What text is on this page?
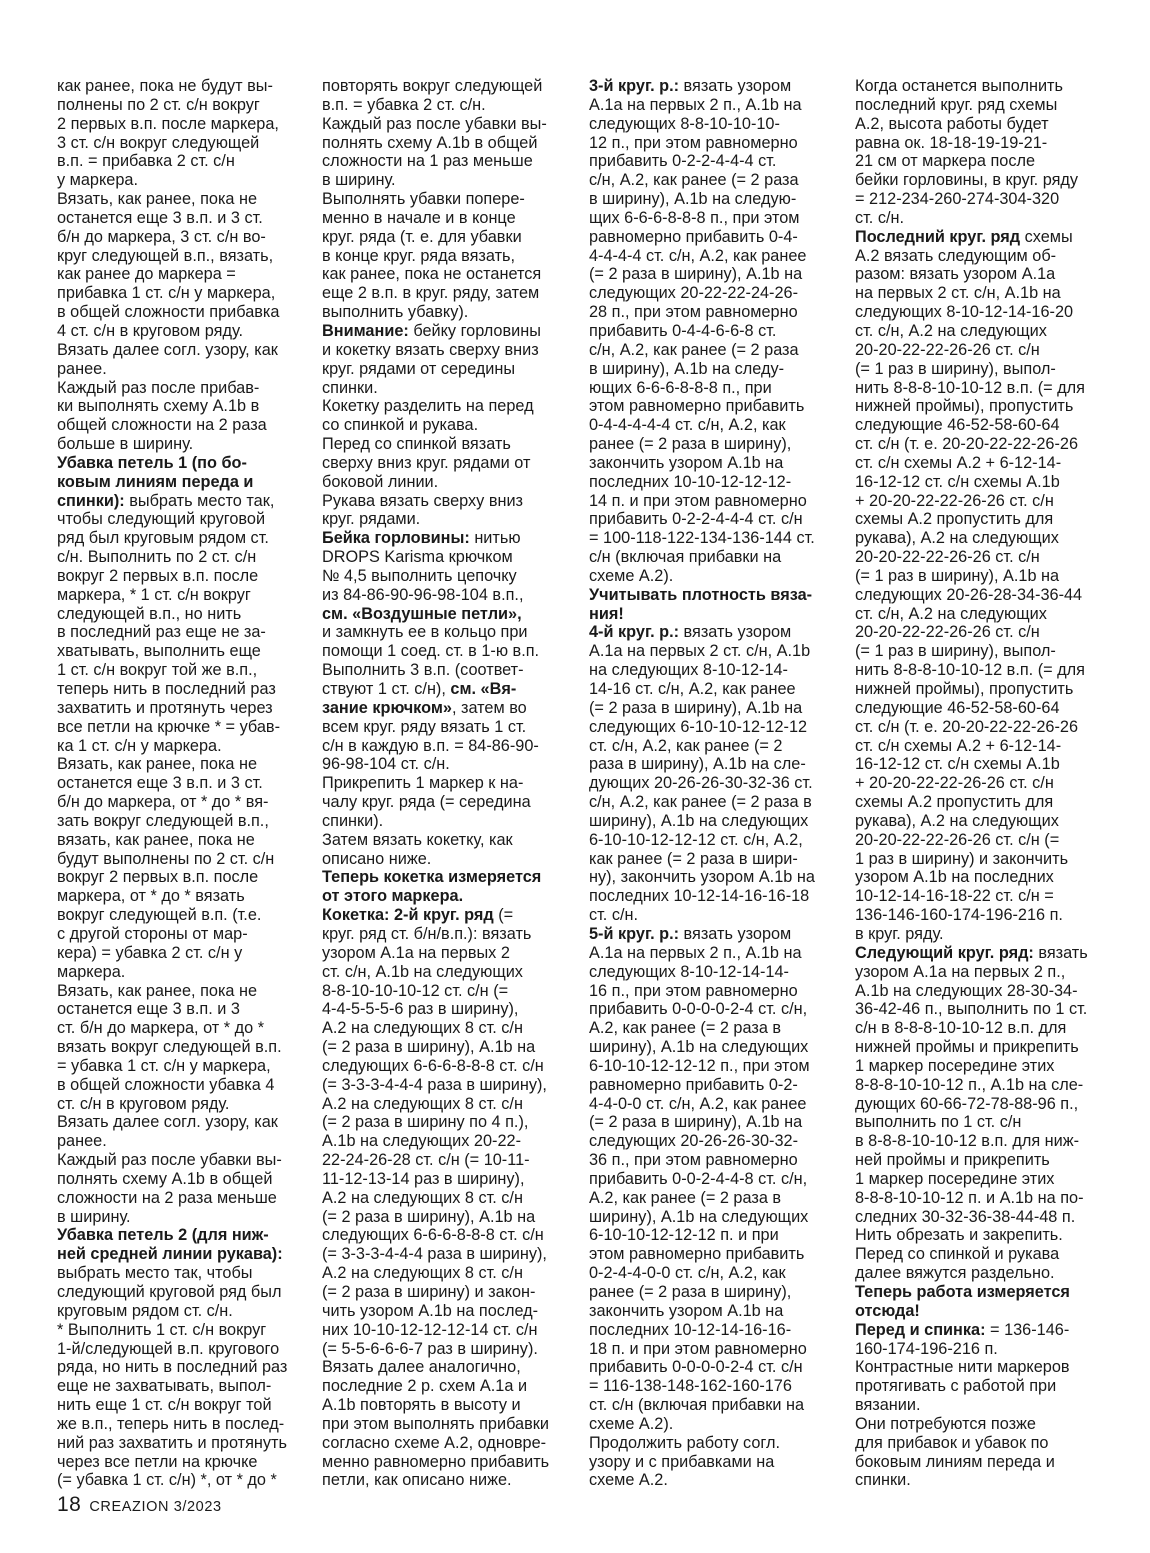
как ранее, пока не будут вы-

полнены по 2 ст. с/н вокруг

2 первых в.п. после маркера,

3 ст. с/н вокруг следующей

в.п. = прибавка 2 ст. с/н

у маркера.

Вязать, как ранее, пока не

останется еще 3 в.п. и 3 ст.

б/н до маркера, 3 ст. с/н во-

круг следующей в.п., вязать,

как ранее до маркера =

прибавка 1 ст. с/н у маркера,

в общей сложности прибавка

4 ст. с/н в круговом ряду.

Вязать далее согл. узору, как

ранее.

Каждый раз после прибав-

ки выполнять схему А.1b в

общей сложности на 2 раза

больше в ширину.

Убавка петель 1 (по бо-

ковым линиям переда и

спинки): выбрать место так,

чтобы следующий круговой

ряд был круговым рядом ст.

с/н. Выполнить по 2 ст. с/н

вокруг 2 первых в.п. после

маркера, * 1 ст. с/н вокруг

следующей в.п., но нить

в последний раз еще не за-

хватывать, выполнить еще

1 ст. с/н вокруг той же в.п.,

теперь нить в последний раз

захватить и протянуть через

все петли на крючке * = убав-

ка 1 ст. с/н у маркера.

Вязать, как ранее, пока не

останется еще 3 в.п. и 3 ст.

б/н до маркера, от * до * вя-

зать вокруг следующей в.п.,

вязать, как ранее, пока не

будут выполнены по 2 ст. с/н

вокруг 2 первых в.п. после

маркера, от * до * вязать

вокруг следующей в.п. (т.е.

с другой стороны от мар-

кера) = убавка 2 ст. с/н у

маркера.

Вязать, как ранее, пока не

останется еще 3 в.п. и 3

ст. б/н до маркера, от * до *

вязать вокруг следующей в.п.

= убавка 1 ст. с/н у маркера,

в общей сложности убавка 4

ст. с/н в круговом ряду.

Вязать далее согл. узору, как

ранее.

Каждый раз после убавки вы-

полнять схему А.1b в общей

сложности на 2 раза меньше

в ширину.

Убавка петель 2 (для ниж-

ней средней линии рукава):

выбрать место так, чтобы

следующий круговой ряд был

круговым рядом ст. с/н.

* Выполнить 1 ст. с/н вокруг

1-й/следующей в.п. кругового

ряда, но нить в последний раз

еще не захватывать, выпол-

нить еще 1 ст. с/н вокруг той

же в.п., теперь нить в послед-

ний раз захватить и протянуть

через все петли на крючке

(= убавка 1 ст. с/н) *, от * до *

повторять вокруг следующей

в.п. = убавка 2 ст. с/н.

Каждый раз после убавки вы-

полнять схему А.1b в общей

сложности на 1 раз меньше

в ширину.

Выполнять убавки попере-

менно в начале и в конце

круг. ряда (т. е. для убавки

в конце круг. ряда вязать,

как ранее, пока не останется

еще 2 в.п. в круг. ряду, затем

выполнить убавку).

Внимание: бейку горловины

и кокетку вязать сверху вниз

круг. рядами от середины

спинки.

Кокетку разделить на перед

со спинкой и рукава.

Перед со спинкой вязать

сверху вниз круг. рядами от

боковой линии.

Рукава вязать сверху вниз

круг. рядами.

Бейка горловины: нитью

DROPS Karisma крючком

№ 4,5 выполнить цепочку

из 84-86-90-96-98-104 в.п.,

см. «Воздушные петли»,

и замкнуть ее в кольцо при

помощи 1 соед. ст. в 1-ю в.п.

Выполнить 3 в.п. (соответ-

ствуют 1 ст. с/н), см. «Вя-

зание крючком», затем во

всем круг. ряду вязать 1 ст.

с/н в каждую в.п. = 84-86-90-

96-98-104 ст. с/н.

Прикрепить 1 маркер к на-

чалу круг. ряда (= середина

спинки).

Затем вязать кокетку, как

описано ниже.

Теперь кокетка измеряется

от этого маркера.

Кокетка: 2-й круг. ряд (=

круг. ряд ст. б/н/в.п.): вязать

узором А.1а на первых 2

ст. с/н, А.1b на следующих

8-8-10-10-10-12 ст. с/н (=

4-4-5-5-5-6 раз в ширину),

А.2 на следующих 8 ст. с/н

(= 2 раза в ширину), А.1b на

следующих 6-6-6-8-8-8 ст. с/н

(= 3-3-3-4-4-4 раза в ширину),

А.2 на следующих 8 ст. с/н

(= 2 раза в ширину по 4 п.),

А.1b на следующих 20-22-

22-24-26-28 ст. с/н (= 10-11-

11-12-13-14 раз в ширину),

А.2 на следующих 8 ст. с/н

(= 2 раза в ширину), А.1b на

следующих 6-6-6-8-8-8 ст. с/н

(= 3-3-3-4-4-4 раза в ширину),

А.2 на следующих 8 ст. с/н

(= 2 раза в ширину) и закон-

чить узором А.1b на послед-

них 10-10-12-12-12-14 ст. с/н

(= 5-5-6-6-6-7 раз в ширину).

Вязать далее аналогично,

последние 2 р. схем А.1а и

А.1b повторять в высоту и

при этом выполнять прибавки

согласно схеме А.2, одновре-

менно равномерно прибавить

петли, как описано ниже.

3-й круг. р.: вязать узором

А.1а на первых 2 п., А.1b на

следующих 8-8-10-10-10-

12 п., при этом равномерно

прибавить 0-2-2-4-4-4 ст.

с/н, А.2, как ранее (= 2 раза

в ширину), А.1b на следую-

щих 6-6-6-8-8-8 п., при этом

равномерно прибавить 0-4-

4-4-4-4 ст. с/н, А.2, как ранее

(= 2 раза в ширину), А.1b на

следующих 20-22-22-24-26-

28 п., при этом равномерно

прибавить 0-4-4-6-6-8 ст.

с/н, А.2, как ранее (= 2 раза

в ширину), А.1b на следу-

ющих 6-6-6-8-8-8 п., при

этом равномерно прибавить

0-4-4-4-4-4 ст. с/н, А.2, как

ранее (= 2 раза в ширину),

закончить узором А.1b на

последних 10-10-12-12-12-

14 п. и при этом равномерно

прибавить 0-2-2-4-4-4 ст. с/н

= 100-118-122-134-136-144 ст.

с/н (включая прибавки на

схеме А.2).

Учитывать плотность вяза-

ния!

4-й круг. р.: вязать узором

А.1а на первых 2 ст. с/н, А.1b

на следующих 8-10-12-14-

14-16 ст. с/н, А.2, как ранее

(= 2 раза в ширину), А.1b на

следующих 6-10-10-12-12-12

ст. с/н, А.2, как ранее (= 2

раза в ширину), А.1b на сле-

дующих 20-26-26-30-32-36 ст.

с/н, А.2, как ранее (= 2 раза в

ширину), А.1b на следующих

6-10-10-12-12-12 ст. с/н, А.2,

как ранее (= 2 раза в шири-

ну), закончить узором А.1b на

последних 10-12-14-16-16-18

ст. с/н.

5-й круг. р.: вязать узором

А.1а на первых 2 п., А.1b на

следующих 8-10-12-14-14-

16 п., при этом равномерно

прибавить 0-0-0-0-2-4 ст. с/н,

А.2, как ранее (= 2 раза в

ширину), А.1b на следующих

6-10-10-12-12-12 п., при этом

равномерно прибавить 0-2-

4-4-0-0 ст. с/н, А.2, как ранее

(= 2 раза в ширину), А.1b на

следующих 20-26-26-30-32-

36 п., при этом равномерно

прибавить 0-0-2-4-4-8 ст. с/н,

А.2, как ранее (= 2 раза в

ширину), А.1b на следующих

6-10-10-12-12-12 п. и при

этом равномерно прибавить

0-2-4-4-0-0 ст. с/н, А.2, как

ранее (= 2 раза в ширину),

закончить узором А.1b на

последних 10-12-14-16-16-

18 п. и при этом равномерно

прибавить 0-0-0-0-2-4 ст. с/н

= 116-138-148-162-160-176

ст. с/н (включая прибавки на

схеме А.2).

Продолжить работу согл.

узору и с прибавками на

схеме А.2.

Когда останется выполнить

последний круг. ряд схемы

А.2, высота работы будет

равна ок. 18-18-19-19-21-

21 см от маркера после

бейки горловины, в круг. ряду

= 212-234-260-274-304-320

ст. с/н.

Последний круг. ряд схемы

А.2 вязать следующим об-

разом: вязать узором А.1а

на первых 2 ст. с/н, А.1b на

следующих 8-10-12-14-16-20

ст. с/н, А.2 на следующих

20-20-22-22-26-26 ст. с/н

(= 1 раз в ширину), выпол-

нить 8-8-8-10-10-12 в.п. (= для

нижней проймы), пропустить

следующие 46-52-58-60-64

ст. с/н (т. е. 20-20-22-22-26-26

ст. с/н схемы А.2 + 6-12-14-

16-12-12 ст. с/н схемы А.1b

+ 20-20-22-22-26-26 ст. с/н

схемы А.2 пропустить для

рукава), А.2 на следующих

20-20-22-22-26-26 ст. с/н

(= 1 раз в ширину), А.1b на

следующих 20-26-28-34-36-44

ст. с/н, А.2 на следующих

20-20-22-22-26-26 ст. с/н

(= 1 раз в ширину), выпол-

нить 8-8-8-10-10-12 в.п. (= для

нижней проймы), пропустить

следующие 46-52-58-60-64

ст. с/н (т. е. 20-20-22-22-26-26

ст. с/н схемы А.2 + 6-12-14-

16-12-12 ст. с/н схемы А.1b

+ 20-20-22-22-26-26 ст. с/н

схемы А.2 пропустить для

рукава), А.2 на следующих

20-20-22-22-26-26 ст. с/н (=

1 раз в ширину) и закончить

узором А.1b на последних

10-12-14-16-18-22 ст. с/н =

136-146-160-174-196-216 п.

в круг. ряду.

Следующий круг. ряд: вязать

узором А.1а на первых 2 п.,

А.1b на следующих 28-30-34-

36-42-46 п., выполнить по 1 ст.

с/н в 8-8-8-10-10-12 в.п. для

нижней проймы и прикрепить

1 маркер посередине этих

8-8-8-10-10-12 п., А.1b на сле-

дующих 60-66-72-78-88-96 п.,

выполнить по 1 ст. с/н

в 8-8-8-10-10-12 в.п. для ниж-

ней проймы и прикрепить

1 маркер посередине этих

8-8-8-10-10-12 п. и А.1b на по-

следних 30-32-36-38-44-48 п.

Нить обрезать и закрепить.

Перед со спинкой и рукава

далее вяжутся раздельно.

Теперь работа измеряется

отсюда!

Перед и спинка: = 136-146-

160-174-196-216 п.

Контрастные нити маркеров

протягивать с работой при

вязании.

Они потребуются позже

для прибавок и убавок по

боковым линиям переда и

спинки.

18 CREAZION 3/2023
